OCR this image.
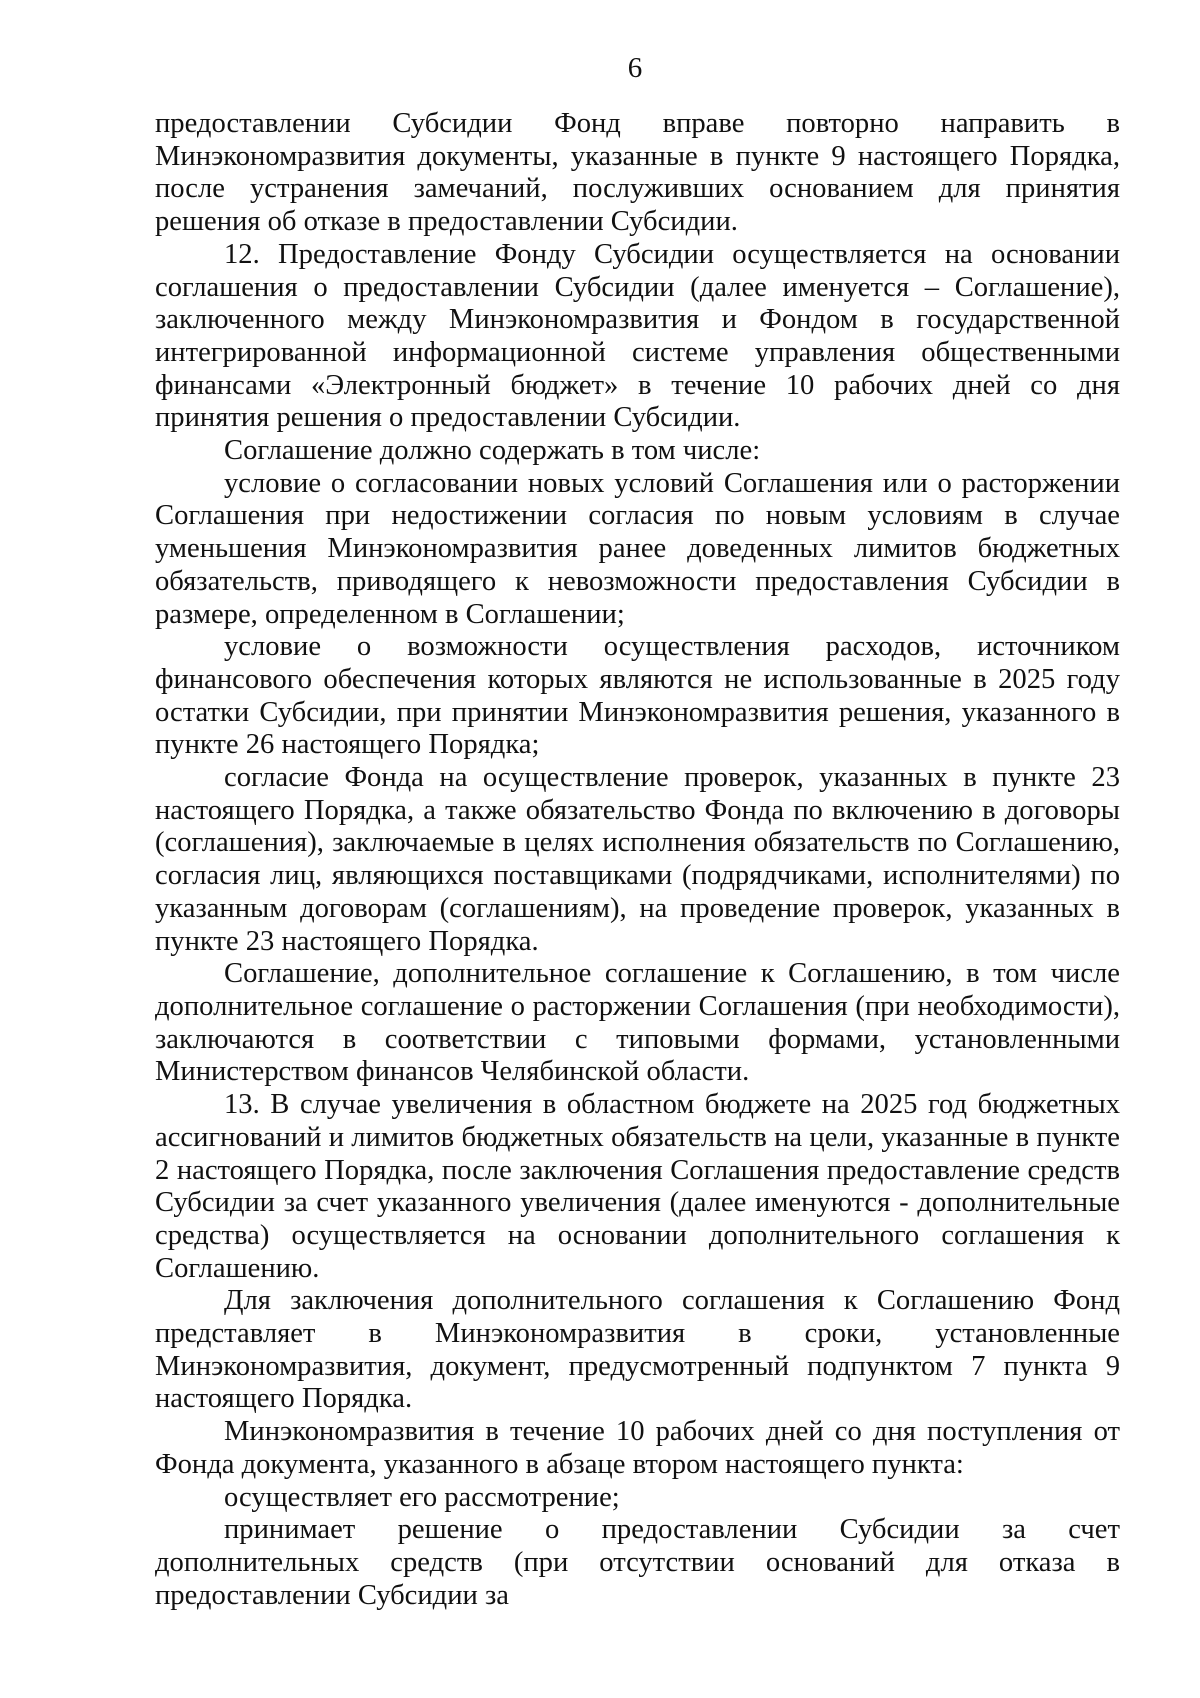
6

предоставлении Субсидии Фонд вправе повторно направить в Минэкономразвития документы, указанные в пункте 9 настоящего Порядка, после устранения замечаний, послуживших основанием для принятия решения об отказе в предоставлении Субсидии.

12. Предоставление Фонду Субсидии осуществляется на основании соглашения о предоставлении Субсидии (далее именуется – Соглашение), заключенного между Минэкономразвития и Фондом в государственной интегрированной информационной системе управления общественными финансами «Электронный бюджет» в течение 10 рабочих дней со дня принятия решения о предоставлении Субсидии.

Соглашение должно содержать в том числе:

условие о согласовании новых условий Соглашения или о расторжении Соглашения при недостижении согласия по новым условиям в случае уменьшения Минэкономразвития ранее доведенных лимитов бюджетных обязательств, приводящего к невозможности предоставления Субсидии в размере, определенном в Соглашении;

условие о возможности осуществления расходов, источником финансового обеспечения которых являются не использованные в 2025 году остатки Субсидии, при принятии Минэкономразвития решения, указанного в пункте 26 настоящего Порядка;

согласие Фонда на осуществление проверок, указанных в пункте 23 настоящего Порядка, а также обязательство Фонда по включению в договоры (соглашения), заключаемые в целях исполнения обязательств по Соглашению, согласия лиц, являющихся поставщиками (подрядчиками, исполнителями) по указанным договорам (соглашениям), на проведение проверок, указанных в пункте 23 настоящего Порядка.

Соглашение, дополнительное соглашение к Соглашению, в том числе дополнительное соглашение о расторжении Соглашения (при необходимости), заключаются в соответствии с типовыми формами, установленными Министерством финансов Челябинской области.

13. В случае увеличения в областном бюджете на 2025 год бюджетных ассигнований и лимитов бюджетных обязательств на цели, указанные в пункте 2 настоящего Порядка, после заключения Соглашения предоставление средств Субсидии за счет указанного увеличения (далее именуются - дополнительные средства) осуществляется на основании дополнительного соглашения к Соглашению.

Для заключения дополнительного соглашения к Соглашению Фонд представляет в Минэкономразвития в сроки, установленные Минэкономразвития, документ, предусмотренный подпунктом 7 пункта 9 настоящего Порядка.

Минэкономразвития в течение 10 рабочих дней со дня поступления от Фонда документа, указанного в абзаце втором настоящего пункта:

осуществляет его рассмотрение;

принимает решение о предоставлении Субсидии за счет дополнительных средств (при отсутствии оснований для отказа в предоставлении Субсидии за
